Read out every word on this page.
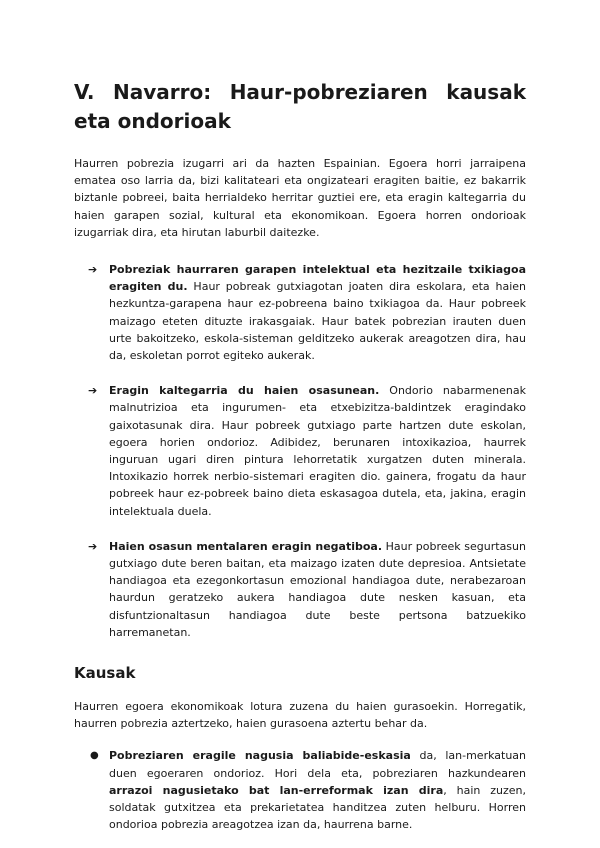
V. Navarro: Haur-pobreziaren kausak eta ondorioak

Haurren pobrezia izugarri ari da hazten Espainian. Egoera horri jarraipena ematea oso larria da, bizi kalitateari eta ongizateari eragiten baitie, ez bakarrik biztanle pobreei, baita herrialdeko herritar guztiei ere, eta eragin kaltegarria du haien garapen sozial, kultural eta ekonomikoan. Egoera horren ondorioak izugarriak dira, eta hirutan laburbil daitezke.

➔ Pobreziak haurraren garapen intelektual eta hezitzaile txikiagoa eragiten du. Haur pobreak gutxiagotan joaten dira eskolara, eta haien hezkuntza-garapena haur ez-pobreena baino txikiagoa da. Haur pobreek maizago eteten dituzte irakasgaiak. Haur batek pobrezian irauten duen urte bakoitzeko, eskola-sisteman gelditzeko aukerak areagotzen dira, hau da, eskoletan porrot egiteko aukerak.
➔ Eragin kaltegarria du haien osasunean. Ondorio nabarmenenak malnutrizioa eta ingurumen- eta etxebizitza-baldintzek eragindako gaixotasunak dira. Haur pobreek gutxiago parte hartzen dute eskolan, egoera horien ondorioz. Adibidez, berunaren intoxikazioa, haurrek inguruan ugari diren pintura lehorretatik xurgatzen duten minerala. Intoxikazio horrek nerbio-sistemari eragiten dio. gainera, frogatu da haur pobreek haur ez-pobreek baino dieta eskasagoa dutela, eta, jakina, eragin intelektuala duela.
➔ Haien osasun mentalaren eragin negatiboa. Haur pobreek segurtasun gutxiago dute beren baitan, eta maizago izaten dute depresioa. Antsietate handiagoa eta ezegonkortasun emozional handiagoa dute, nerabezaroan haurdun geratzeko aukera handiagoa dute nesken kasuan, eta disfuntzionaltasun handiagoa dute beste pertsona batzuekiko harremanetan.
Kausak

Haurren egoera ekonomikoak lotura zuzena du haien gurasoekin. Horregatik, haurren pobrezia aztertzeko, haien gurasoena aztertu behar da.

● Pobreziaren eragile nagusia baliabide-eskasia da, lan-merkatuan duen egoeraren ondorioz. Hori dela eta, pobreziaren hazkundearen arrazoi nagusietako bat lan-erreformak izan dira, hain zuzen, soldatak gutxitzea eta prekarietatea handitzea zuten helburu. Horren ondorioa pobrezia areagotzea izan da, haurrena barne.
